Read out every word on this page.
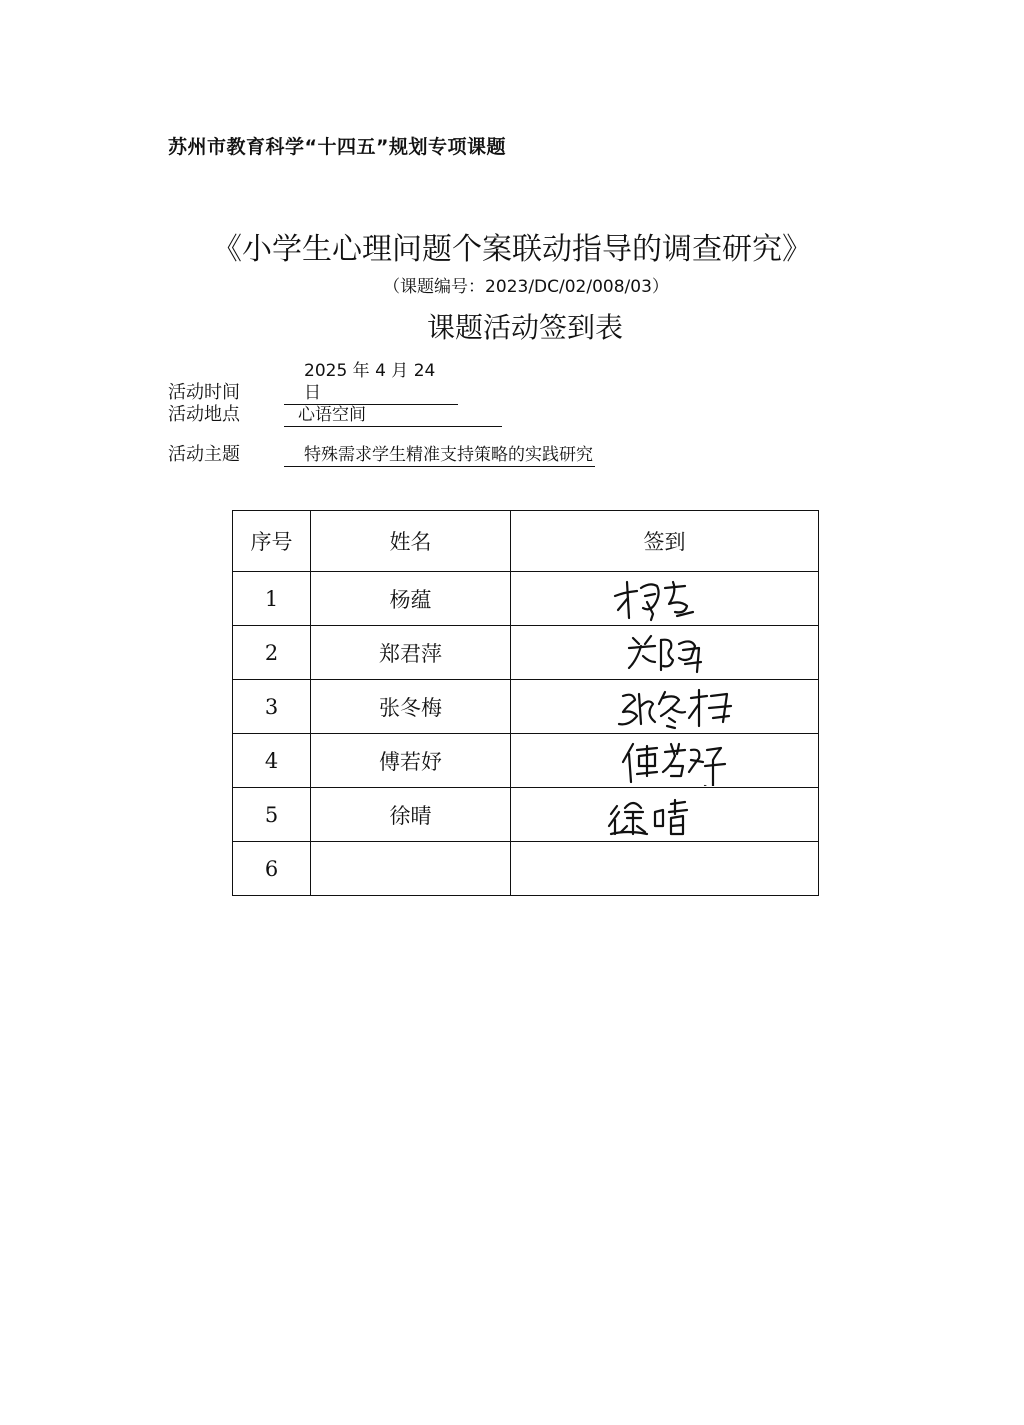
苏州市教育科学“十四五”规划专项课题
《小学生心理问题个案联动指导的调查研究》
（课题编号：2023/DC/02/008/03）
课题活动签到表
活动时间2025 年 4 月 24 日
活动地点	心语空间
活动主题	特殊需求学生精准支持策略的实践研究
序号	姓名	签到
1	杨蕴	

2	郑君萍	

3	张冬梅	

4	傅若妤	

5	徐晴	

6		
